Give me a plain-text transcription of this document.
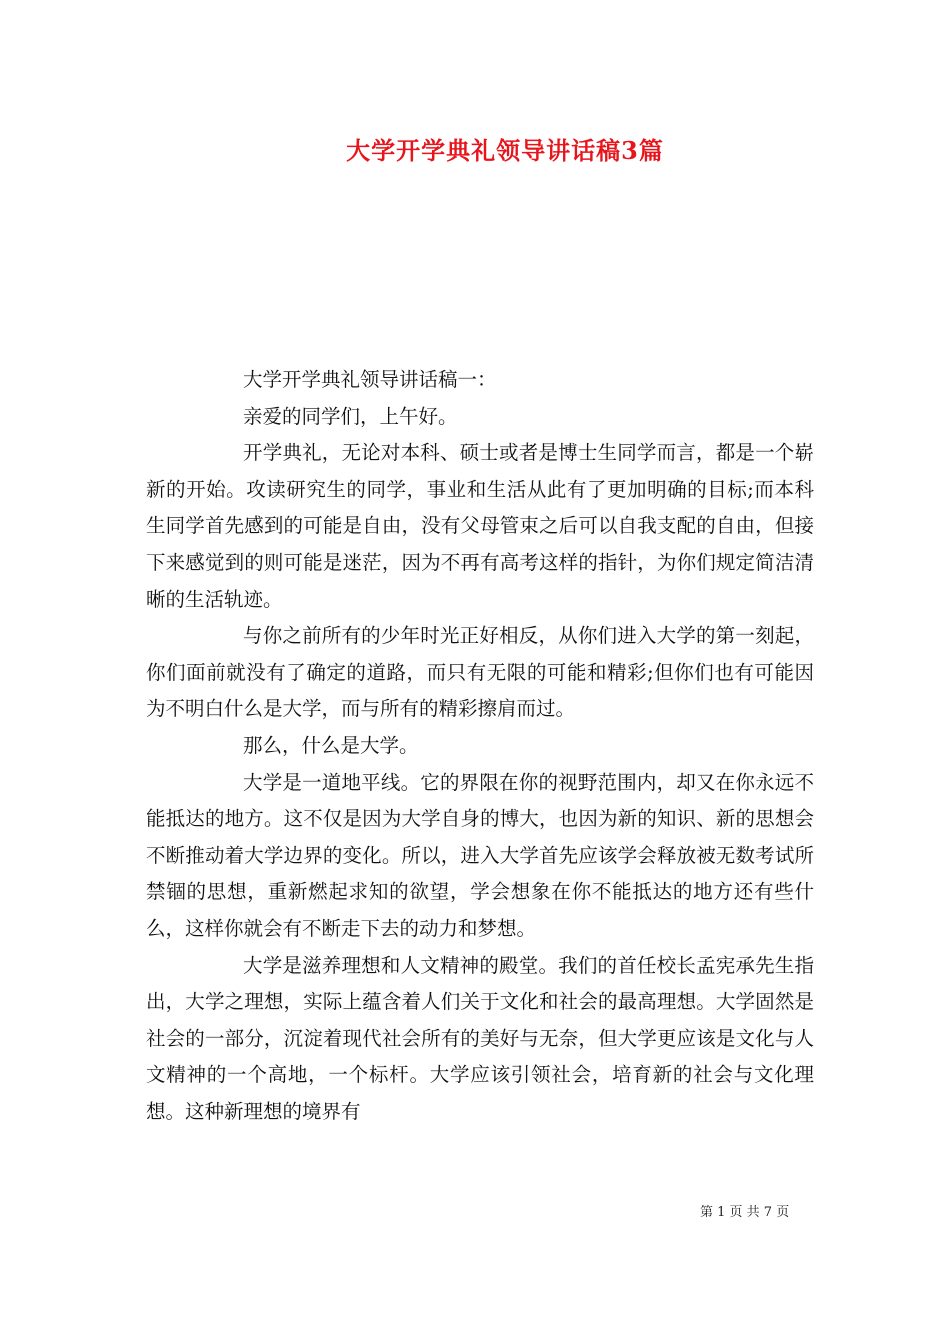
大学开学典礼领导讲话稿3篇

大学开学典礼领导讲话稿一：

亲爱的同学们，上午好。

开学典礼，无论对本科、硕士或者是博士生同学而言，都是一个崭新的开始。攻读研究生的同学，事业和生活从此有了更加明确的目标;而本科生同学首先感到的可能是自由，没有父母管束之后可以自我支配的自由，但接下来感觉到的则可能是迷茫，因为不再有高考这样的指针，为你们规定简洁清晰的生活轨迹。

与你之前所有的少年时光正好相反，从你们进入大学的第一刻起，你们面前就没有了确定的道路，而只有无限的可能和精彩;但你们也有可能因为不明白什么是大学，而与所有的精彩擦肩而过。

那么，什么是大学。

大学是一道地平线。它的界限在你的视野范围内，却又在你永远不能抵达的地方。这不仅是因为大学自身的博大，也因为新的知识、新的思想会不断推动着大学边界的变化。所以，进入大学首先应该学会释放被无数考试所禁锢的思想，重新燃起求知的欲望，学会想象在你不能抵达的地方还有些什么，这样你就会有不断走下去的动力和梦想。

大学是滋养理想和人文精神的殿堂。我们的首任校长孟宪承先生指出，大学之理想，实际上蕴含着人们关于文化和社会的最高理想。大学固然是社会的一部分，沉淀着现代社会所有的美好与无奈，但大学更应该是文化与人文精神的一个高地，一个标杆。大学应该引领社会，培育新的社会与文化理想。这种新理想的境界有

第 1 页 共 7 页
